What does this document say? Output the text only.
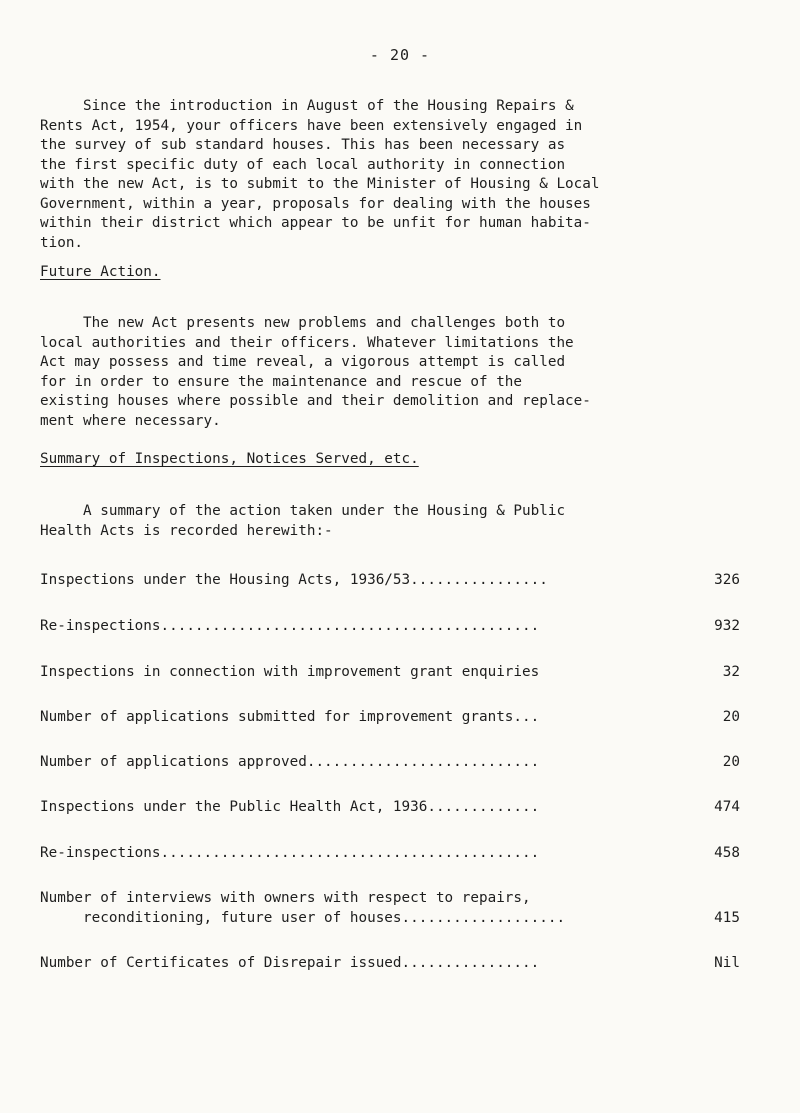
- 20 -

Since the introduction in August of the Housing Repairs &
Rents Act, 1954, your officers have been extensively engaged in
the survey of sub standard houses. This has been necessary as
the first specific duty of each local authority in connection
with the new Act, is to submit to the Minister of Housing & Local
Government, within a year, proposals for dealing with the houses
within their district which appear to be unfit for human habita-
tion.

Future Action.

The new Act presents new problems and challenges both to
local authorities and their officers. Whatever limitations the
Act may possess and time reveal, a vigorous attempt is called
for in order to ensure the maintenance and rescue of the
existing houses where possible and their demolition and replace-
ment where necessary.

Summary of Inspections, Notices Served, etc.

A summary of the action taken under the Housing & Public
Health Acts is recorded herewith:-

Inspections under the Housing Acts, 1936/53................	326
Re-inspections............................................	932
Inspections in connection with improvement grant enquiries	32
Number of applications submitted for improvement grants...	20
Number of applications approved...........................	20
Inspections under the Public Health Act, 1936.............	474
Re-inspections............................................	458
Number of interviews with owners with respect to repairs,
reconditioning, future user of houses...................	415
Number of Certificates of Disrepair issued................	Nil
